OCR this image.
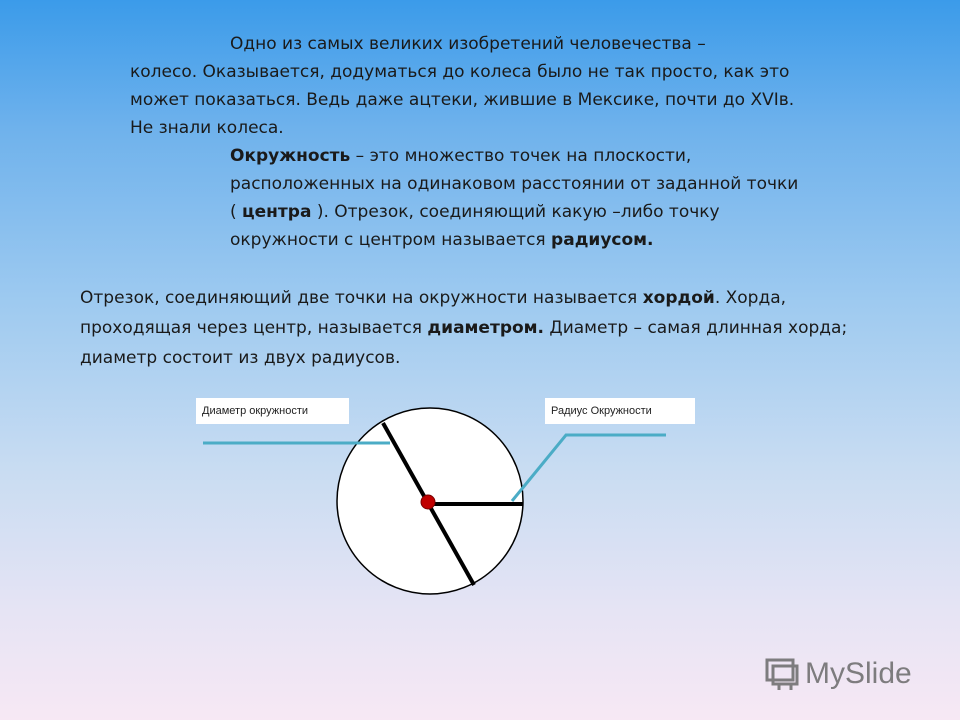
Одно из самых великих изобретений человечества –
колесо. Оказывается, додуматься до колеса было не так просто, как это может показаться. Ведь даже ацтеки, жившие в Мексике, почти до XVIв. Не знали колеса.
Окружность – это множество точек на плоскости, расположенных на одинаковом расстоянии от заданной точки ( центра ). Отрезок, соединяющий какую –либо точку окружности с центром называется радиусом.
Отрезок, соединяющий две точки на окружности называется хордой. Хорда, проходящая через центр, называется диаметром. Диаметр – самая длинная хорда; диаметр состоит из двух радиусов.
Диаметр окружности	Радиус Окружности
MySlide
